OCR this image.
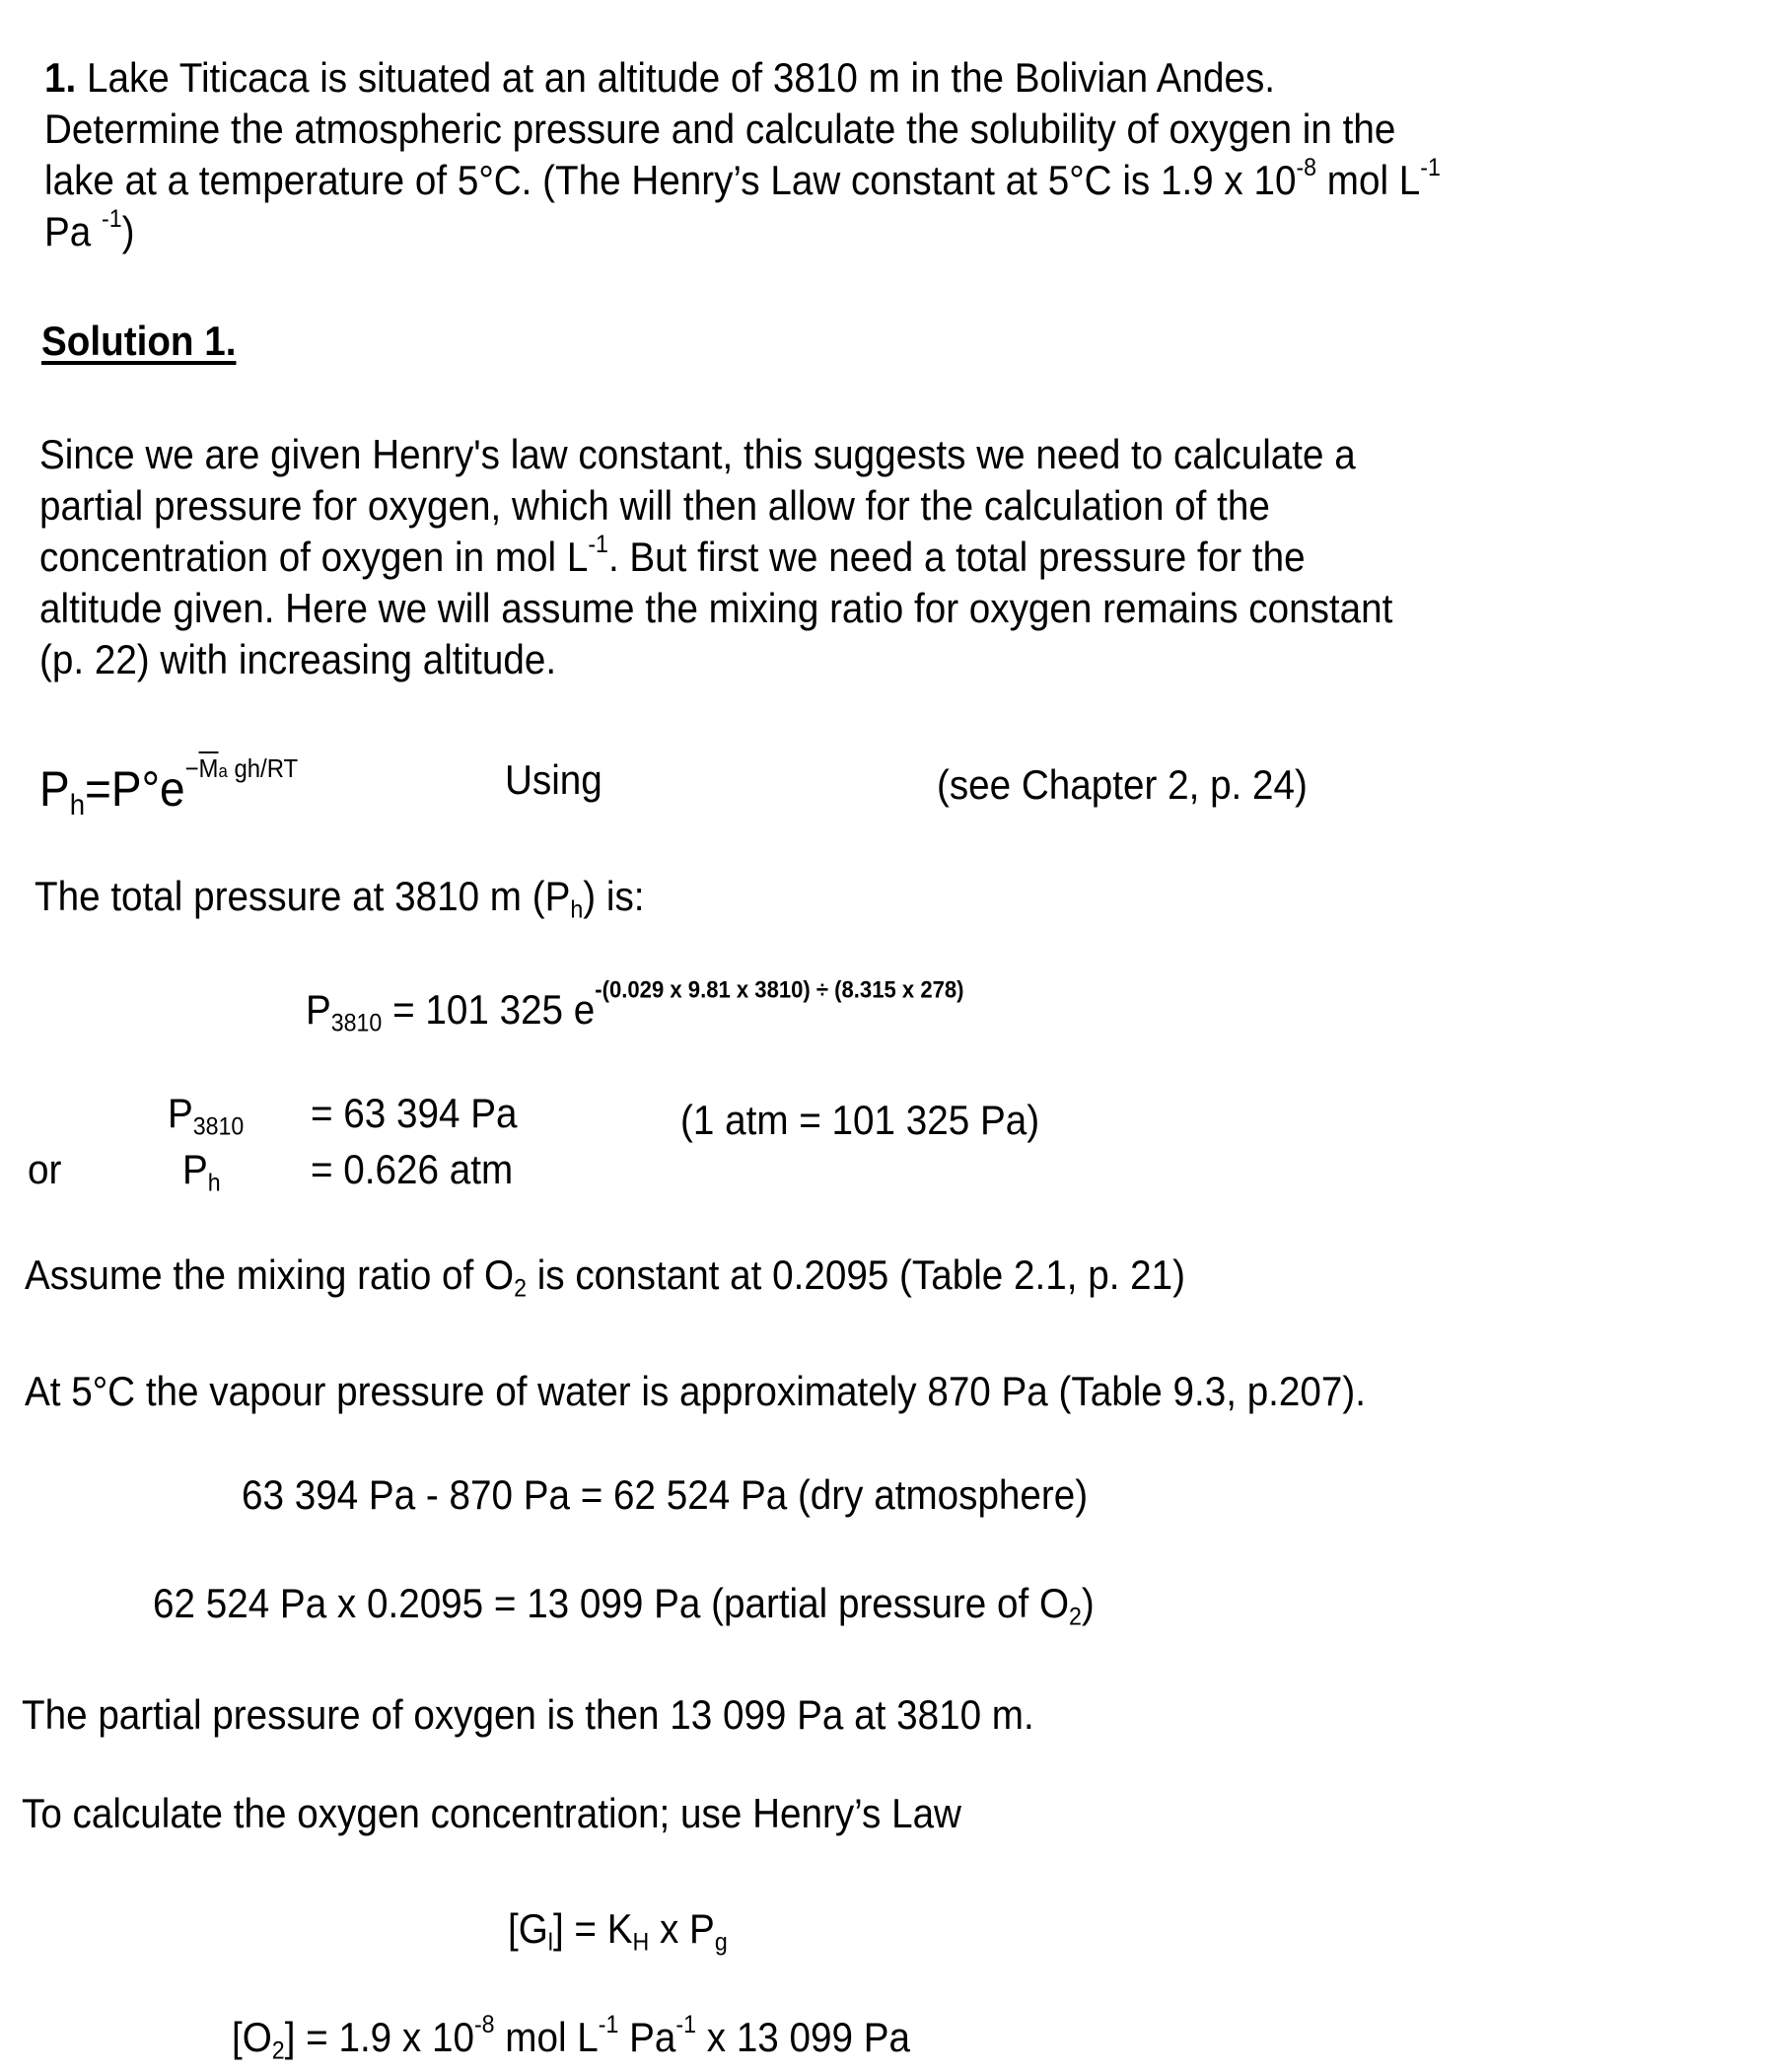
1. Lake Titicaca is situated at an altitude of 3810 m in the Bolivian Andes.
Determine the atmospheric pressure and calculate the solubility of oxygen in the
lake at a temperature of 5°C. (The Henry’s Law constant at 5°C is 1.9 x $10^{-8}$ mol $L^{-1}$
Pa $^{-1}$)
Solution 1.
Since we are given Henry's law constant, this suggests we need to calculate a
partial pressure for oxygen, which will then allow for the calculation of the
concentration of oxygen in mol $L^{-1}$. But first we need a total pressure for the
altitude given. Here we will assume the mixing ratio for oxygen remains constant
(p. 22) with increasing altitude.
$P_h=P^\circ e^{-\overline{M}a gh/RT}$	Using	(see Chapter 2, p. 24)
The total pressure at 3810 m $(P_h)$ is:
$P_{3810} = 101$ 325 $e^{-(0.029 x 9.81 x 3810) \div (8.315 x 278)}$
$P_{3810} = 63$ 394 Pa	(1 atm = 101 325 Pa)
or	$P_h = 0.626$ atm
Assume the mixing ratio of $O_2$ is constant at 0.2095 (Table 2.1, p. 21)
At 5°C the vapour pressure of water is approximately 870 Pa (Table 9.3, p.207).
63 394 Pa - 870 Pa = 62 524 Pa (dry atmosphere)
62 524 Pa x 0.2095 = 13 099 Pa (partial pressure of $O_2$)
The partial pressure of oxygen is then 13 099 Pa at 3810 m.
To calculate the oxygen concentration; use Henry’s Law
$[G_l] = K_H$ x $P_g$
$[O_2] = 1.9$ x $10^{-8}$ mol $L^{-1}$ $Pa^{-1}$ x 13 099 Pa
